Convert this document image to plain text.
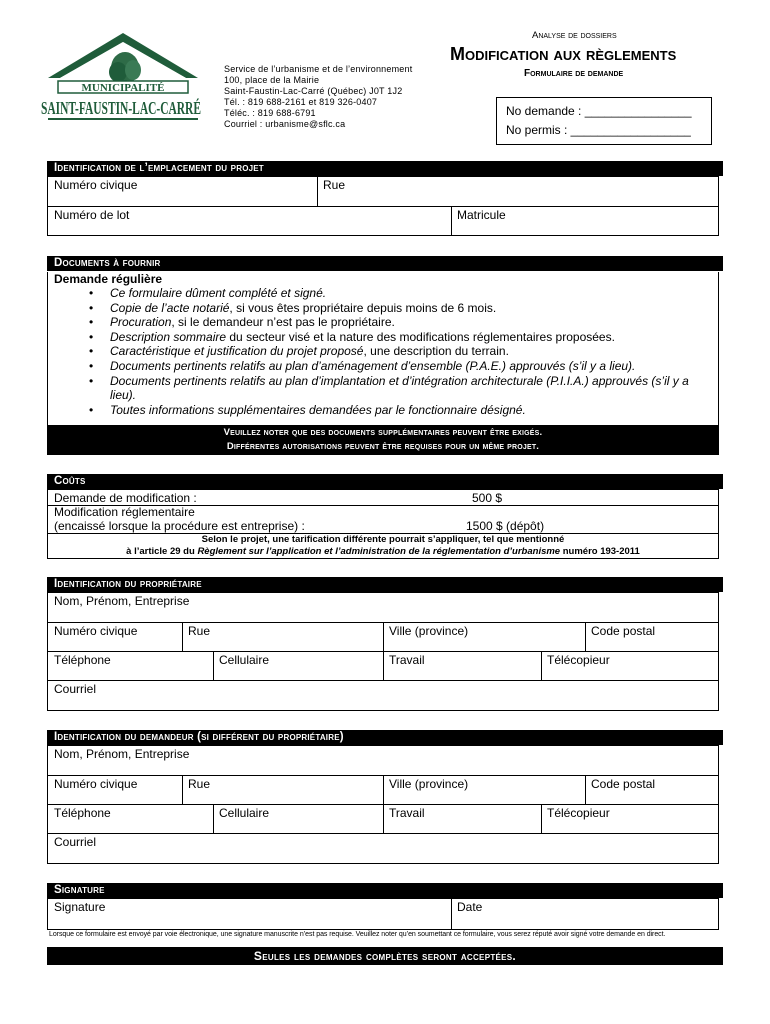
MUNICIPALITÉ
SAINT-FAUSTIN-LAC-CARRÉ
Service de l’urbanisme et de l’environnement
100, place de la Mairie
Saint-Faustin-Lac-Carré (Québec) J0T 1J2
Tél. : 819 688-2161 et 819 326-0407
Téléc. : 819 688-6791
Courriel : urbanisme@sflc.ca
Analyse de dossiers
Modification aux règlements
Formulaire de demande
No demande : ________________
No permis : __________________
Identification de l’emplacement du projet
Numéro civique	Rue
Numéro de lot	Matricule
Documents à fournir
Demande régulière
• Ce formulaire dûment complété et signé.
• Copie de l’acte notarié, si vous êtes propriétaire depuis moins de 6 mois.
• Procuration, si le demandeur n’est pas le propriétaire.
• Description sommaire du secteur visé et la nature des modifications réglementaires proposées.
• Caractéristique et justification du projet proposé, une description du terrain.
• Documents pertinents relatifs au plan d’aménagement d’ensemble (P.A.E.) approuvés (s’il y a lieu).
• Documents pertinents relatifs au plan d’implantation et d’intégration architecturale (P.I.I.A.) approuvés (s’il y a lieu).
• Toutes informations supplémentaires demandées par le fonctionnaire désigné.
Veuillez noter que des documents supplémentaires peuvent être exigés.
Différentes autorisations peuvent être requises pour un même projet.
Coûts
Demande de modification :	500 $
Modification réglementaire
(encaissé lorsque la procédure est entreprise) :	1500 $ (dépôt)
Selon le projet, une tarification différente pourrait s’appliquer, tel que mentionné
à l’article 29 du Règlement sur l’application et l’administration de la réglementation d’urbanisme numéro 193-2011
Identification du propriétaire
Nom, Prénom, Entreprise
Numéro civique	Rue	Ville (province)	Code postal
Téléphone	Cellulaire	Travail	Télécopieur
Courriel
Identification du demandeur (si différent du propriétaire)
Nom, Prénom, Entreprise
Numéro civique	Rue	Ville (province)	Code postal
Téléphone	Cellulaire	Travail	Télécopieur
Courriel
Signature
Signature	Date
Lorsque ce formulaire est envoyé par voie électronique, une signature manuscrite n’est pas requise. Veuillez noter qu’en soumettant ce formulaire, vous serez réputé avoir signé votre demande en direct.
Seules les demandes complètes seront acceptées.
